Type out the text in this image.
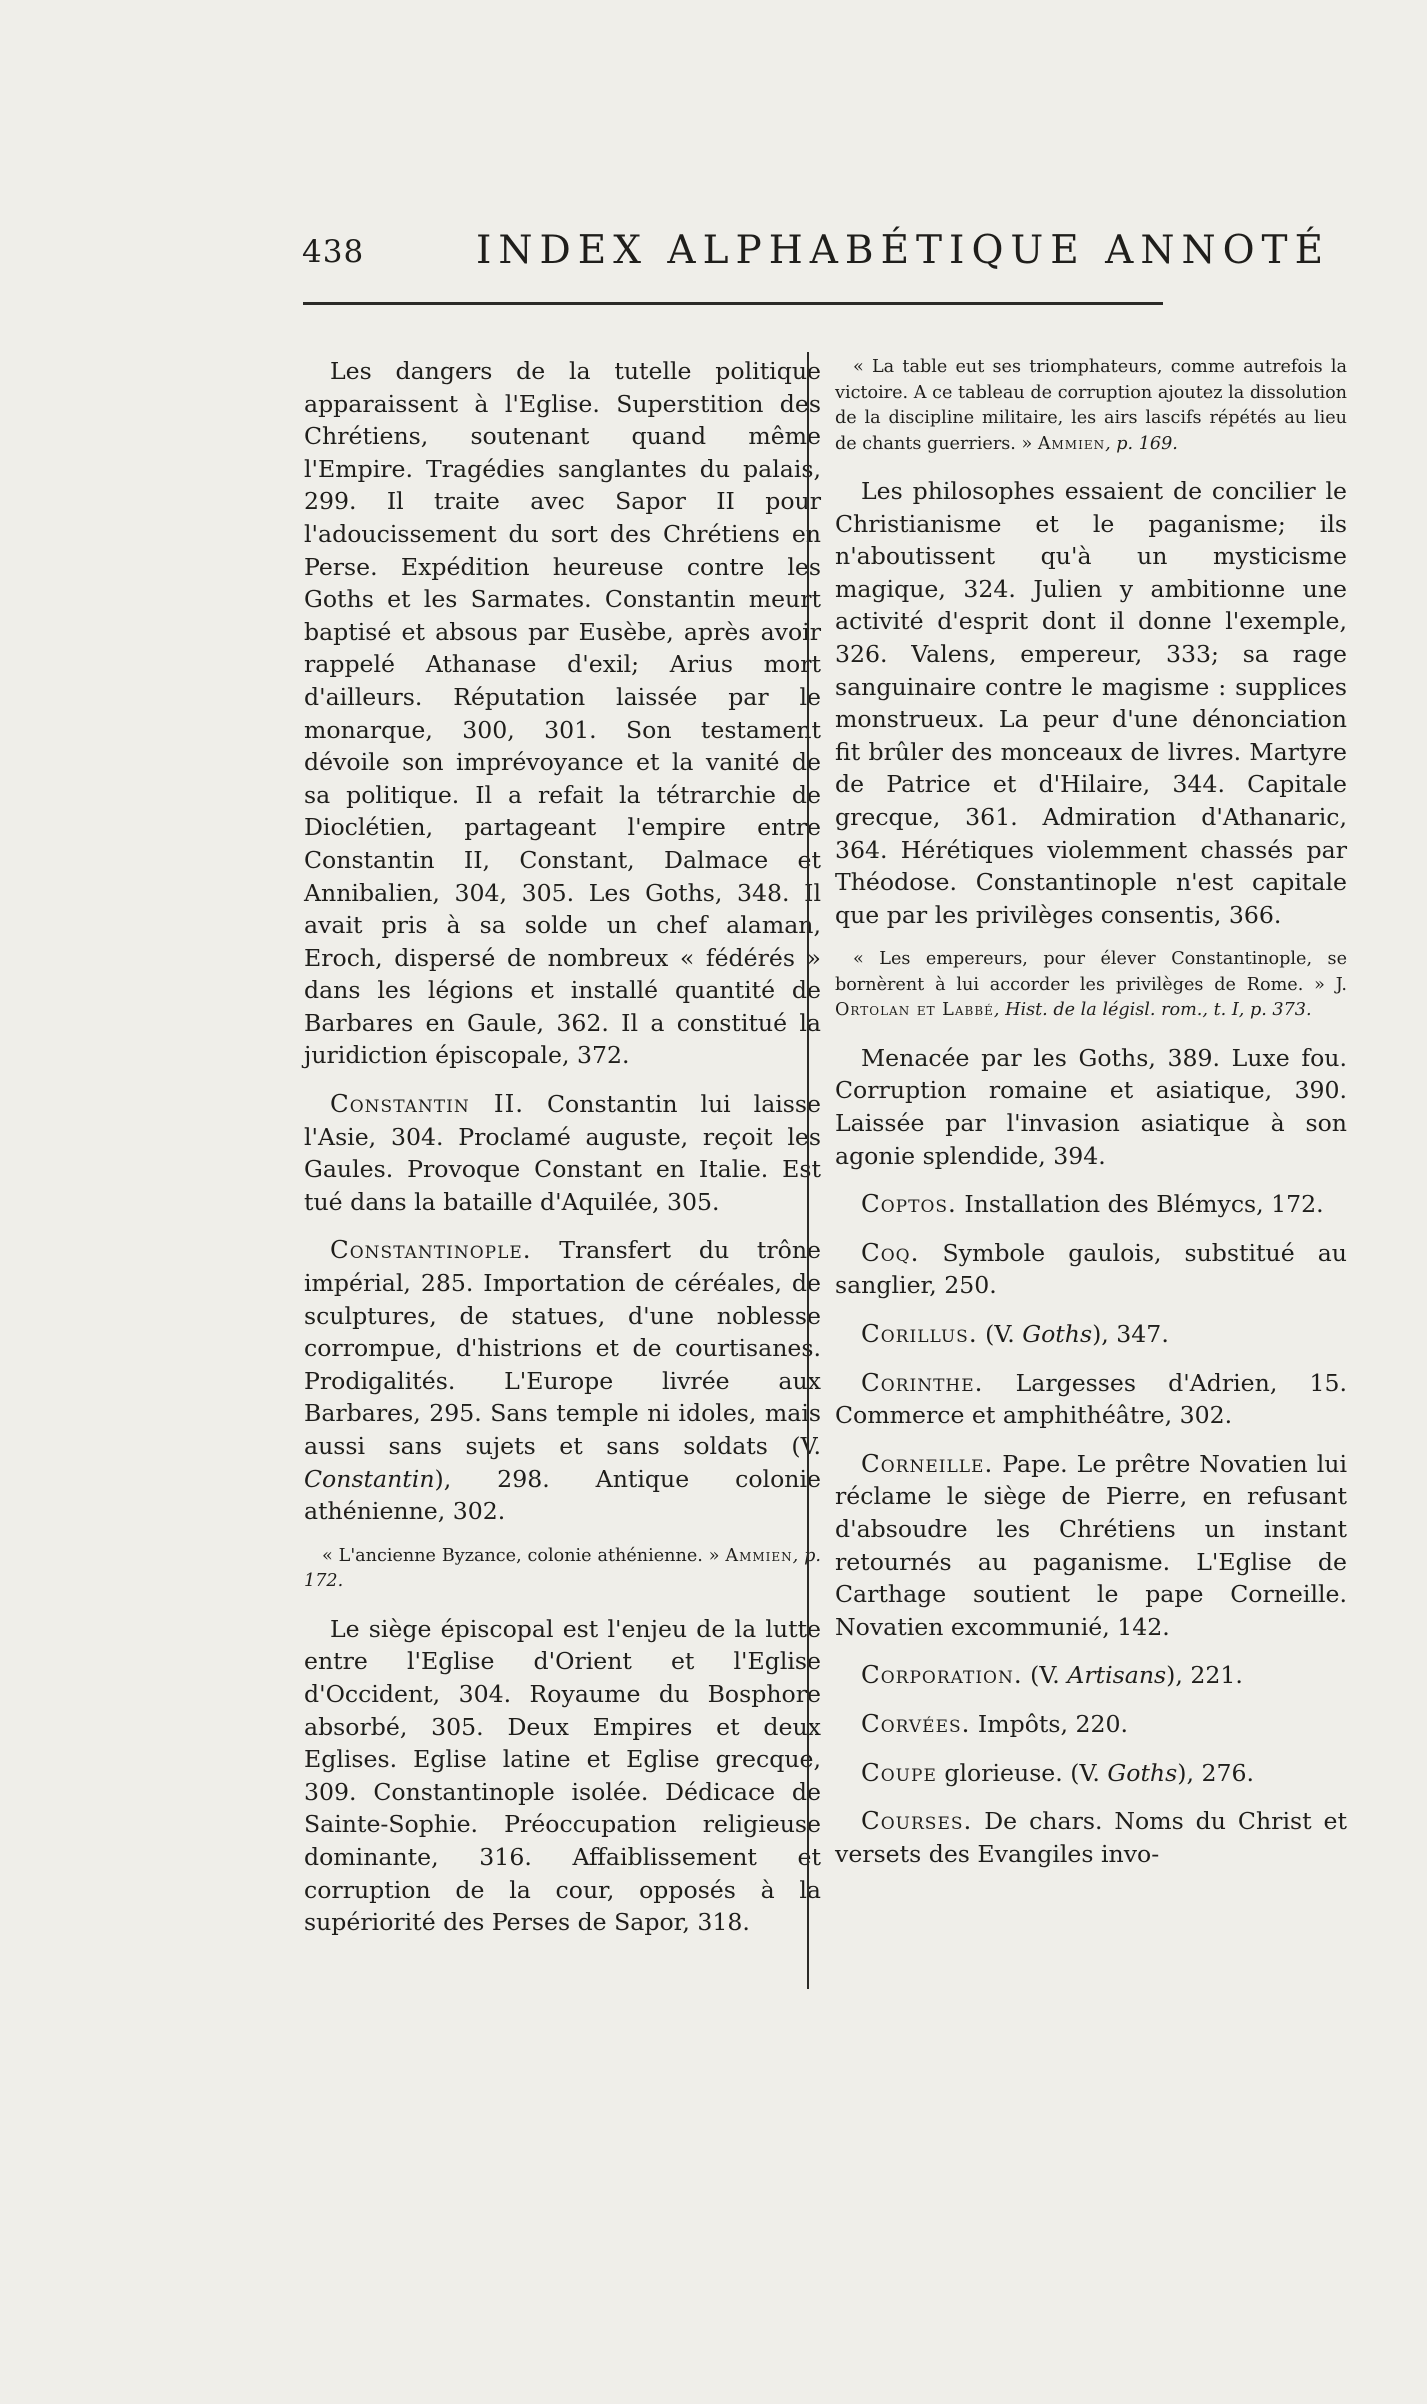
438	INDEX ALPHABÉTIQUE ANNOTÉ

Les dangers de la tutelle politique apparaissent à l'Eglise. Superstition des Chrétiens, soutenant quand même l'Empire. Tragédies sanglantes du palais, 299. Il traite avec Sapor II pour l'adoucissement du sort des Chrétiens en Perse. Expédition heureuse contre les Goths et les Sarmates. Constantin meurt baptisé et absous par Eusèbe, après avoir rappelé Athanase d'exil; Arius mort d'ailleurs. Réputation laissée par le monarque, 300, 301. Son testament dévoile son imprévoyance et la vanité de sa politique. Il a refait la tétrarchie de Dioclétien, partageant l'empire entre Constantin II, Constant, Dalmace et Annibalien, 304, 305. Les Goths, 348. Il avait pris à sa solde un chef alaman, Eroch, dispersé de nombreux « fédérés » dans les légions et installé quantité de Barbares en Gaule, 362. Il a constitué la juridiction épiscopale, 372.

Constantin II. Constantin lui laisse l'Asie, 304. Proclamé auguste, reçoit les Gaules. Provoque Constant en Italie. Est tué dans la bataille d'Aquilée, 305.

Constantinople. Transfert du trône impérial, 285. Importation de céréales, de sculptures, de statues, d'une noblesse corrompue, d'histrions et de courtisanes. Prodigalités. L'Europe livrée aux Barbares, 295. Sans temple ni idoles, mais aussi sans sujets et sans soldats (V. Constantin), 298. Antique colonie athénienne, 302.

« L'ancienne Byzance, colonie athénienne. » Ammien, p. 172.

Le siège épiscopal est l'enjeu de la lutte entre l'Eglise d'Orient et l'Eglise d'Occident, 304. Royaume du Bosphore absorbé, 305. Deux Empires et deux Eglises. Eglise latine et Eglise grecque, 309. Constantinople isolée. Dédicace de Sainte-Sophie. Préoccupation religieuse dominante, 316. Affaiblissement et corruption de la cour, opposés à la supériorité des Perses de Sapor, 318.

« La table eut ses triomphateurs, comme autrefois la victoire. A ce tableau de corruption ajoutez la dissolution de la discipline militaire, les airs lascifs répétés au lieu de chants guerriers. » Ammien, p. 169.

Les philosophes essaient de concilier le Christianisme et le paganisme; ils n'aboutissent qu'à un mysticisme magique, 324. Julien y ambitionne une activité d'esprit dont il donne l'exemple, 326. Valens, empereur, 333; sa rage sanguinaire contre le magisme : supplices monstrueux. La peur d'une dénonciation fit brûler des monceaux de livres. Martyre de Patrice et d'Hilaire, 344. Capitale grecque, 361. Admiration d'Athanaric, 364. Hérétiques violemment chassés par Théodose. Constantinople n'est capitale que par les privilèges consentis, 366.

« Les empereurs, pour élever Constantinople, se bornèrent à lui accorder les privilèges de Rome. » J. Ortolan et Labbé, Hist. de la législ. rom., t. I, p. 373.

Menacée par les Goths, 389. Luxe fou. Corruption romaine et asiatique, 390. Laissée par l'invasion asiatique à son agonie splendide, 394.

Coptos. Installation des Blémycs, 172.

Coq. Symbole gaulois, substitué au sanglier, 250.

Corillus. (V. Goths), 347.

Corinthe. Largesses d'Adrien, 15. Commerce et amphithéâtre, 302.

Corneille. Pape. Le prêtre Novatien lui réclame le siège de Pierre, en refusant d'absoudre les Chrétiens un instant retournés au paganisme. L'Eglise de Carthage soutient le pape Corneille. Novatien excommunié, 142.

Corporation. (V. Artisans), 221.

Corvées. Impôts, 220.

Coupe glorieuse. (V. Goths), 276.

Courses. De chars. Noms du Christ et versets des Evangiles invo-
